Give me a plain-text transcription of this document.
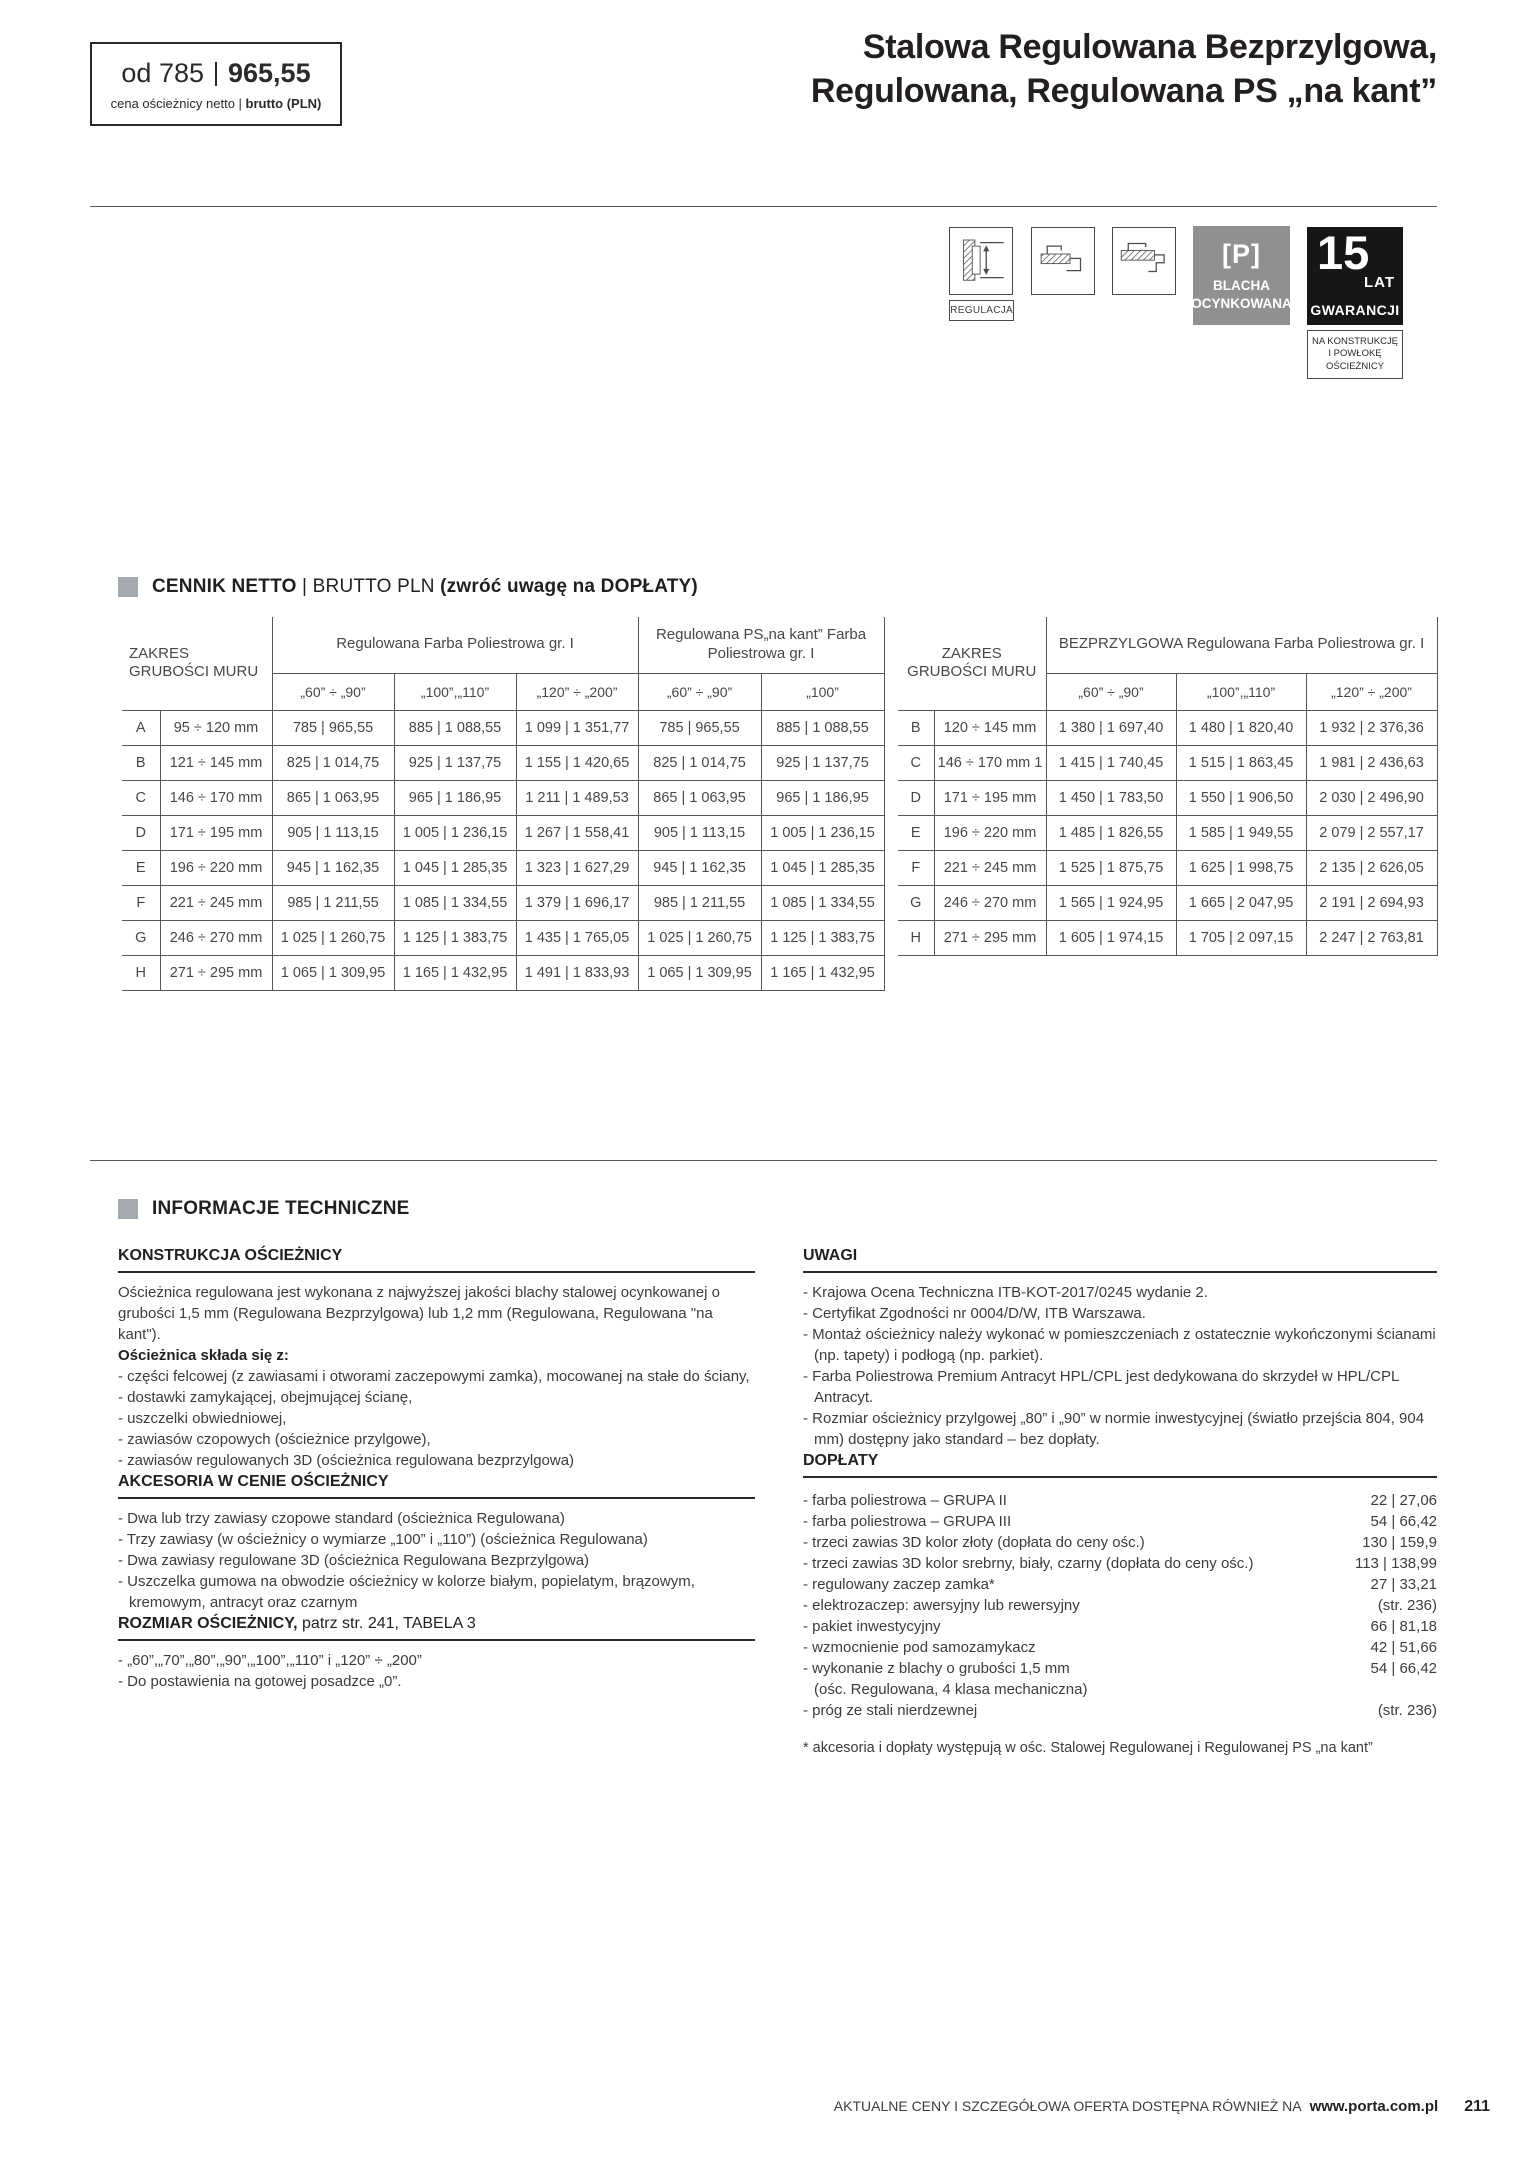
od 785 965,55
cena ościeżnicy netto | brutto (PLN)
Stalowa Regulowana Bezprzylgowa,
Regulowana, Regulowana PS „na kant”
REGULACJA
[P]
BLACHA
OCYNKOWANA
15
LAT
GWARANCJI
NA KONSTRUKCJĘ
I POWŁOKĘ
OŚCIEŻNICY
CENNIK NETTO | BRUTTO PLN (zwróć uwagę na DOPŁATY)
ZAKRES GRUBOŚCI MURU		Regulowana Farba Poliestrowa gr. I			Regulowana PS„na kant” Farba Poliestrowa gr. I	
		„60” ÷ „90”	„100”,„110”	„120” ÷ „200”	„60” ÷ „90”	„100”
A	95 ÷ 120 mm	785 | 965,55	885 | 1 088,55	1 099 | 1 351,77	785 | 965,55	885 | 1 088,55
B	121 ÷ 145 mm	825 | 1 014,75	925 | 1 137,75	1 155 | 1 420,65	825 | 1 014,75	925 | 1 137,75
C	146 ÷ 170 mm	865 | 1 063,95	965 | 1 186,95	1 211 | 1 489,53	865 | 1 063,95	965 | 1 186,95
D	171 ÷ 195 mm	905 | 1 113,15	1 005 | 1 236,15	1 267 | 1 558,41	905 | 1 113,15	1 005 | 1 236,15
E	196 ÷ 220 mm	945 | 1 162,35	1 045 | 1 285,35	1 323 | 1 627,29	945 | 1 162,35	1 045 | 1 285,35
F	221 ÷ 245 mm	985 | 1 211,55	1 085 | 1 334,55	1 379 | 1 696,17	985 | 1 211,55	1 085 | 1 334,55
G	246 ÷ 270 mm	1 025 | 1 260,75	1 125 | 1 383,75	1 435 | 1 765,05	1 025 | 1 260,75	1 125 | 1 383,75
H	271 ÷ 295 mm	1 065 | 1 309,95	1 165 | 1 432,95	1 491 | 1 833,93	1 065 | 1 309,95	1 165 | 1 432,95
ZAKRES GRUBOŚCI MURU		BEZPRZYLGOWA Regulowana Farba Poliestrowa gr. I		
		„60” ÷ „90”	„100”,„110”	„120” ÷ „200”
B	120 ÷ 145 mm	1 380 | 1 697,40	1 480 | 1 820,40	1 932 | 2 376,36
C	146 ÷ 170 mm 1	1 415 | 1 740,45	1 515 | 1 863,45	1 981 | 2 436,63
D	171 ÷ 195 mm	1 450 | 1 783,50	1 550 | 1 906,50	2 030 | 2 496,90
E	196 ÷ 220 mm	1 485 | 1 826,55	1 585 | 1 949,55	2 079 | 2 557,17
F	221 ÷ 245 mm	1 525 | 1 875,75	1 625 | 1 998,75	2 135 | 2 626,05
G	246 ÷ 270 mm	1 565 | 1 924,95	1 665 | 2 047,95	2 191 | 2 694,93
H	271 ÷ 295 mm	1 605 | 1 974,15	1 705 | 2 097,15	2 247 | 2 763,81
INFORMACJE TECHNICZNE
KONSTRUKCJA OŚCIEŻNICY

Ościeżnica regulowana jest wykonana z najwyższej jakości blachy stalowej ocynkowanej o grubości 1,5 mm (Regulowana Bezprzylgowa) lub 1,2 mm (Regulowana, Regulowana "na kant").

Ościeżnica składa się z:

- części felcowej (z zawiasami i otworami zaczepowymi zamka), mocowanej na stałe do ściany,
- dostawki zamykającej, obejmującej ścianę,
- uszczelki obwiedniowej,
- zawiasów czopowych (ościeżnice przylgowe),
- zawiasów regulowanych 3D (ościeżnica regulowana bezprzylgowa)
AKCESORIA W CENIE OŚCIEŻNICY
- Dwa lub trzy zawiasy czopowe standard (ościeżnica Regulowana)
- Trzy zawiasy (w ościeżnicy o wymiarze „100” i „110”) (ościeżnica Regulowana)
- Dwa zawiasy regulowane 3D (ościeżnica Regulowana Bezprzylgowa)
- Uszczelka gumowa na obwodzie ościeżnicy w kolorze białym, popielatym, brązowym, kremowym, antracyt oraz czarnym
ROZMIAR OŚCIEŻNICY, patrz str. 241, TABELA 3
- „60”,„70”,„80”,„90”,„100”,„110” i „120” ÷ „200”
- Do postawienia na gotowej posadzce „0”.
UWAGI
- Krajowa Ocena Techniczna ITB-KOT-2017/0245 wydanie 2.
- Certyfikat Zgodności nr 0004/D/W, ITB Warszawa.
- Montaż ościeżnicy należy wykonać w pomieszczeniach z ostatecznie wykończonymi ścianami (np. tapety) i podłogą (np. parkiet).
- Farba Poliestrowa Premium Antracyt HPL/CPL jest dedykowana do skrzydeł w HPL/CPL Antracyt.
- Rozmiar ościeżnicy przylgowej „80” i „90” w normie inwestycyjnej (światło przejścia 804, 904 mm) dostępny jako standard – bez dopłaty.
DOPŁATY
- farba poliestrowa – GRUPA II	22 | 27,06
- farba poliestrowa – GRUPA III	54 | 66,42
- trzeci zawias 3D kolor złoty (dopłata do ceny ośc.)	130 | 159,9
- trzeci zawias 3D kolor srebrny, biały, czarny (dopłata do ceny ośc.)	113 | 138,99
- regulowany zaczep zamka*	27 | 33,21
- elektrozaczep: awersyjny lub rewersyjny	(str. 236)
- pakiet inwestycyjny	66 | 81,18
- wzmocnienie pod samozamykacz	42 | 51,66
- wykonanie z blachy o grubości 1,5 mm	54 | 66,42
(ośc. Regulowana, 4 klasa mechaniczna)
- próg ze stali nierdzewnej	(str. 236)
* akcesoria i dopłaty występują w ośc. Stalowej Regulowanej i Regulowanej PS „na kant”
AKTUALNE CENY I SZCZEGÓŁOWA OFERTA DOSTĘPNA RÓWNIEŻ NA www.porta.com.pl 211
